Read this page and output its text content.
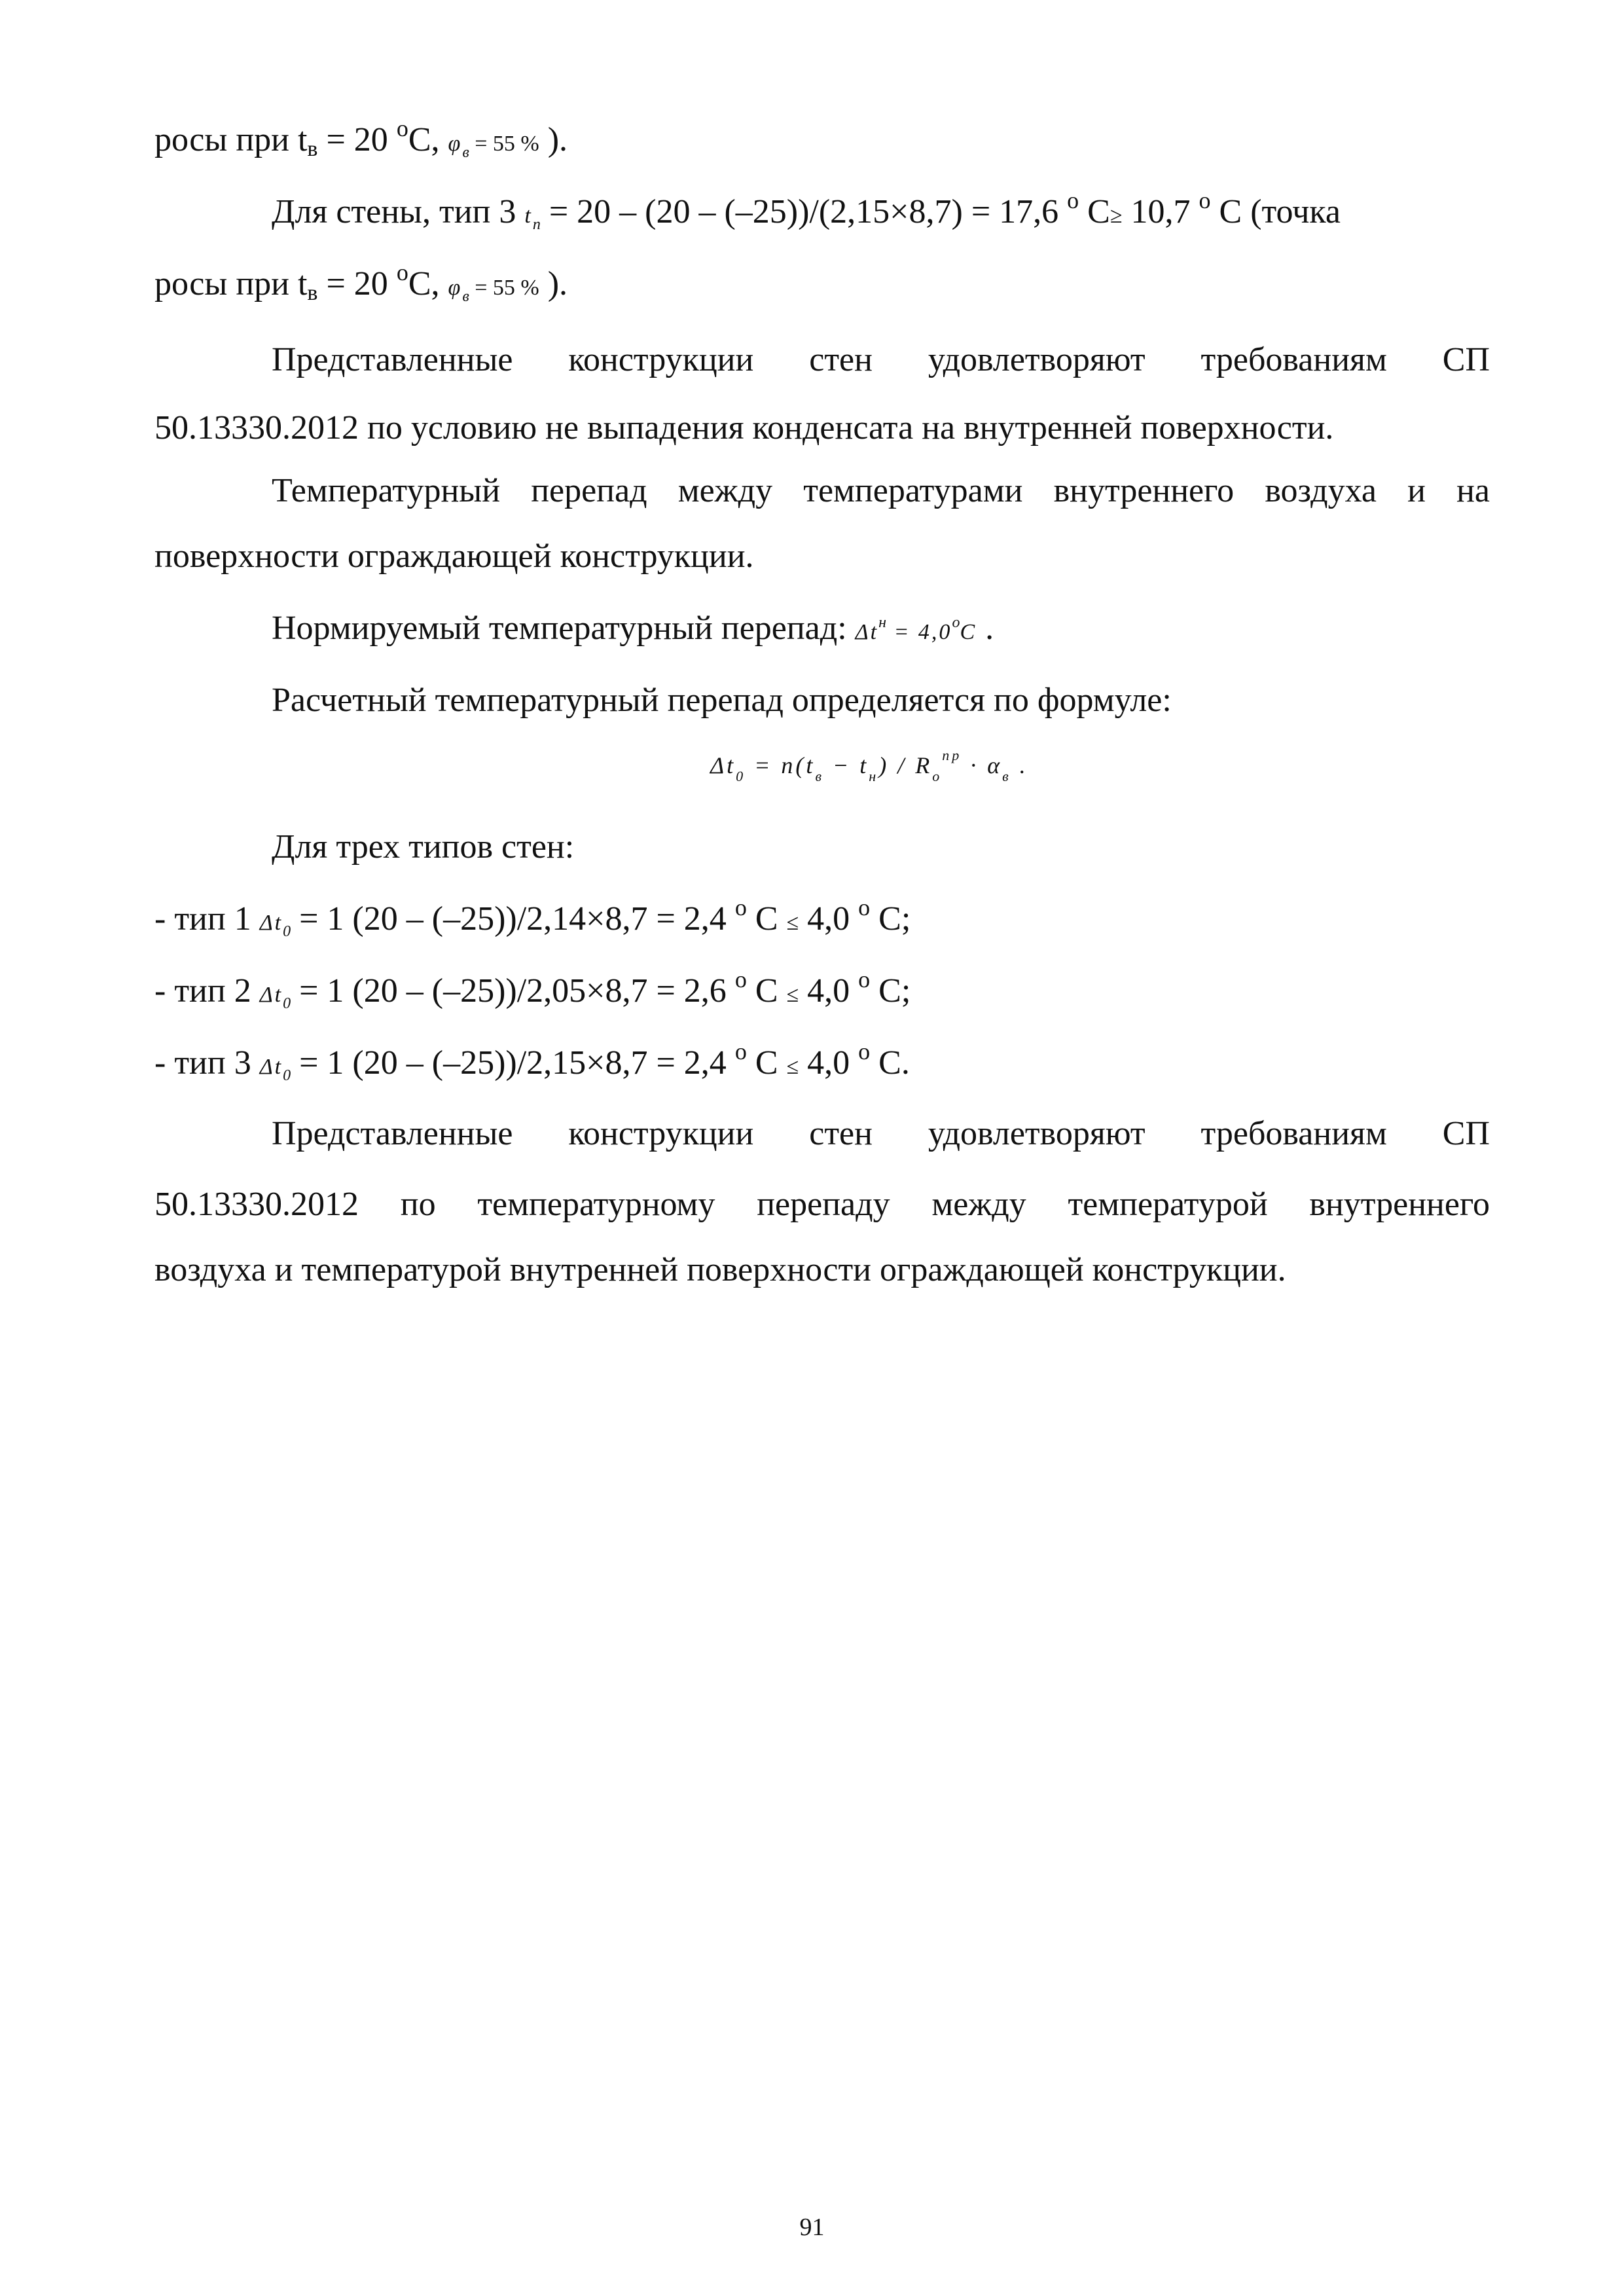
росы при tв = 20 $^о$C, φв = 55 % ).
Для стены, тип 3 tп = 20 – (20 – (–25))/(2,15×8,7) = 17,6 $^о$ C≥ 10,7 $^о$ C (точка
росы при tв = 20 $^о$C, φв = 55 % ).
Представленные конструкции стен удовлетворяют требованиям СП
50.13330.2012 по условию не выпадения конденсата на внутренней поверхности.
Температурный перепад между температурами внутреннего воздуха и на
поверхности ограждающей конструкции.
Нормируемый температурный перепад: $\Delta t^н = 4,0^оC$ .
Расчетный температурный перепад определяется по формуле:
$\Delta t_0 = n(t_в - t_н) / R_o^{пр} \cdot \alpha_в$ .
Для трех типов стен:
- тип 1 Δt0 = 1 (20 – (–25))/2,14×8,7 = 2,4 $^о$ C ≤ 4,0 $^о$ C;
- тип 2 Δt0 = 1 (20 – (–25))/2,05×8,7 = 2,6 $^о$ C ≤ 4,0 $^о$ C;
- тип 3 Δt0 = 1 (20 – (–25))/2,15×8,7 = 2,4 $^о$ C ≤ 4,0 $^о$ C.
Представленные конструкции стен удовлетворяют требованиям СП
50.13330.2012 по температурному перепаду между температурой внутреннего
воздуха и температурой внутренней поверхности ограждающей конструкции.
91
